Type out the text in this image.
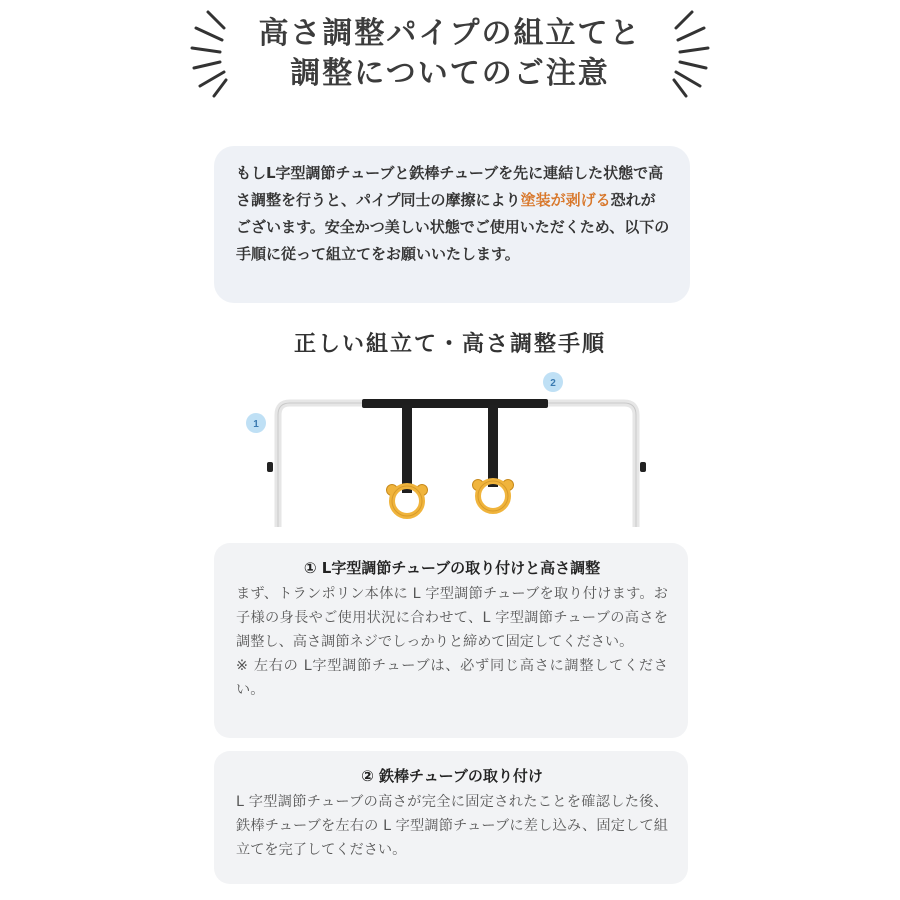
高さ調整パイプの組立てと
調整についてのご注意
もしL字型調節チューブと鉄棒チューブを先に連結した状態で高さ調整を行うと、パイプ同士の摩擦により塗装が剥げる恐れがございます。安全かつ美しい状態でご使用いただくため、以下の手順に従って組立てをお願いいたします。
正しい組立て・高さ調整手順
1
2
① L字型調節チューブの取り付けと高さ調整

まず、トランポリン本体に L 字型調節チューブを取り付けます。お子様の身長やご使用状況に合わせて、L 字型調節チューブの高さを調整し、高さ調節ネジでしっかりと締めて固定してください。

※ 左右の L字型調節チューブは、必ず同じ高さに調整してください。

② 鉄棒チューブの取り付け

L 字型調節チューブの高さが完全に固定されたことを確認した後、鉄棒チューブを左右の L 字型調節チューブに差し込み、固定して組立てを完了してください。
